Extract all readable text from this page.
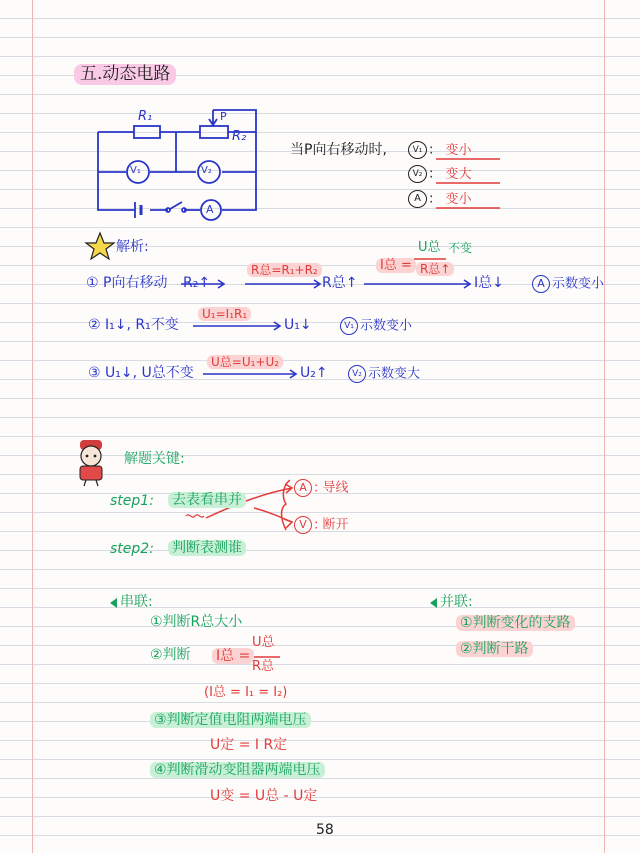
五.动态电路
R₁
R₂
P
V₁	V₂
A
当P向右移动时,	V₁ : 变小
V₂ : 变大
A : 变小
解析:
① P向右移动 R₂↑
R总=R₁+R₂
R总↑
U总 不变
I总 = R总↑
I总↓	A 示数变小
② I₁↓, R₁不变
U₁=I₁R₁
U₁↓	V₁ 示数变小
③ U₁↓, U总不变
U总=U₁+U₂
U₂↑	V₂ 示数变大
解题关键:
step1: 去表看串并
A : 导线
V : 断开
step2: 判断表测谁
串联:
①判断R总大小
②判断 I总 =
U总
R总
(I总 = I₁ = I₂)
③判断定值电阻两端电压
U定 = I R定
④判断滑动变阻器两端电压
U变 = U总 - U定
并联:
①判断变化的支路
②判断干路
58
